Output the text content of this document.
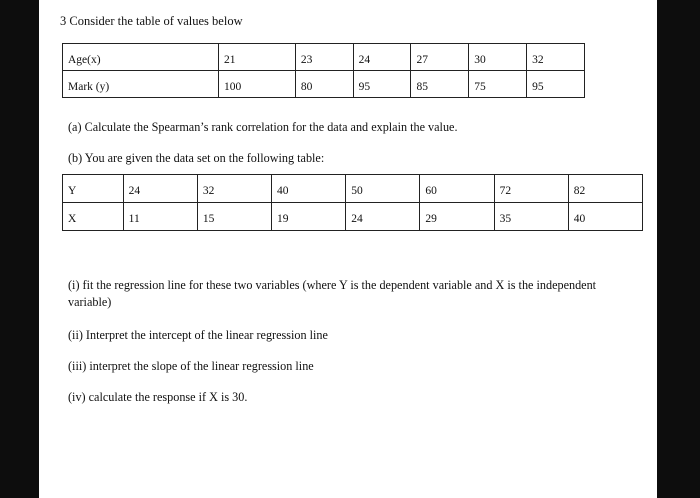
3 Consider the table of values below
Age(x)	21	23	24	27	30	32
Mark (y)	100	80	95	85	75	95
(a) Calculate the Spearman’s rank correlation for the data and explain the value.
(b) You are given the data set on the following table:
Y	24	32	40	50	60	72	82
X	11	15	19	24	29	35	40
(i) fit the regression line for these two variables (where Y is the dependent variable and X is the independent variable)
(ii) Interpret the intercept of the linear regression line
(iii) interpret the slope of the linear regression line
(iv) calculate the response if X is 30.
